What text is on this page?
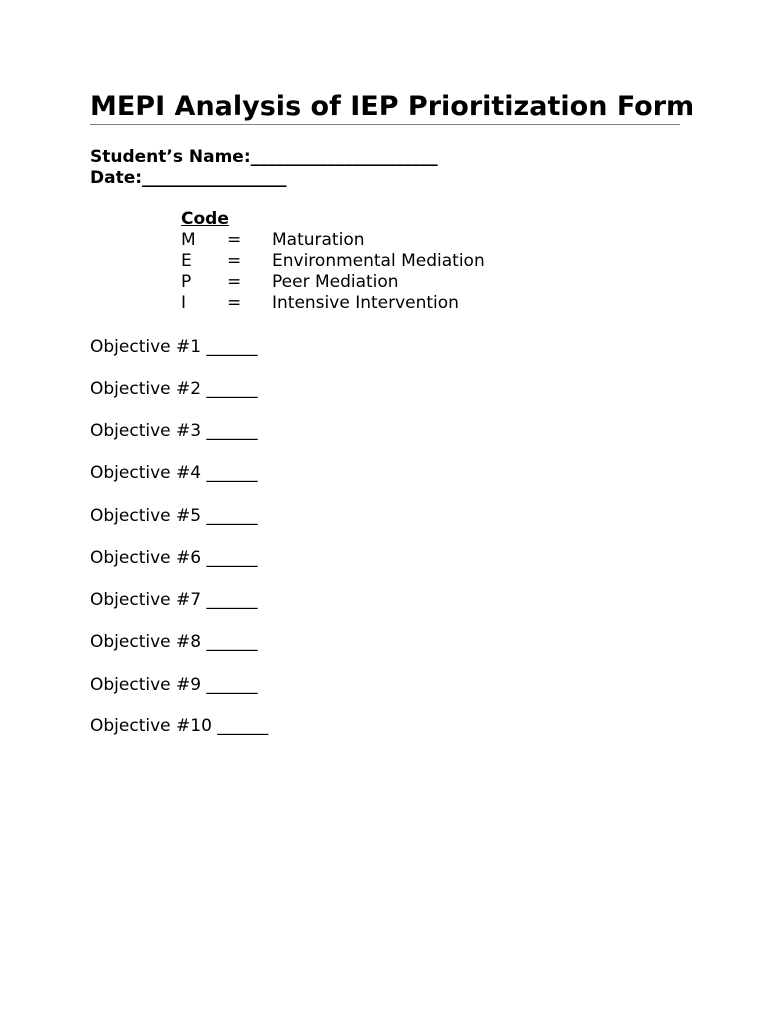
MEPI Analysis of IEP Prioritization Form
Student’s Name:______________________
Date:_________________
Code
M = Maturation
E = Environmental Mediation
P = Peer Mediation
I = Intensive Intervention
Objective #1 ______
Objective #2 ______
Objective #3 ______
Objective #4 ______
Objective #5 ______
Objective #6 ______
Objective #7 ______
Objective #8 ______
Objective #9 ______
Objective #10 ______
